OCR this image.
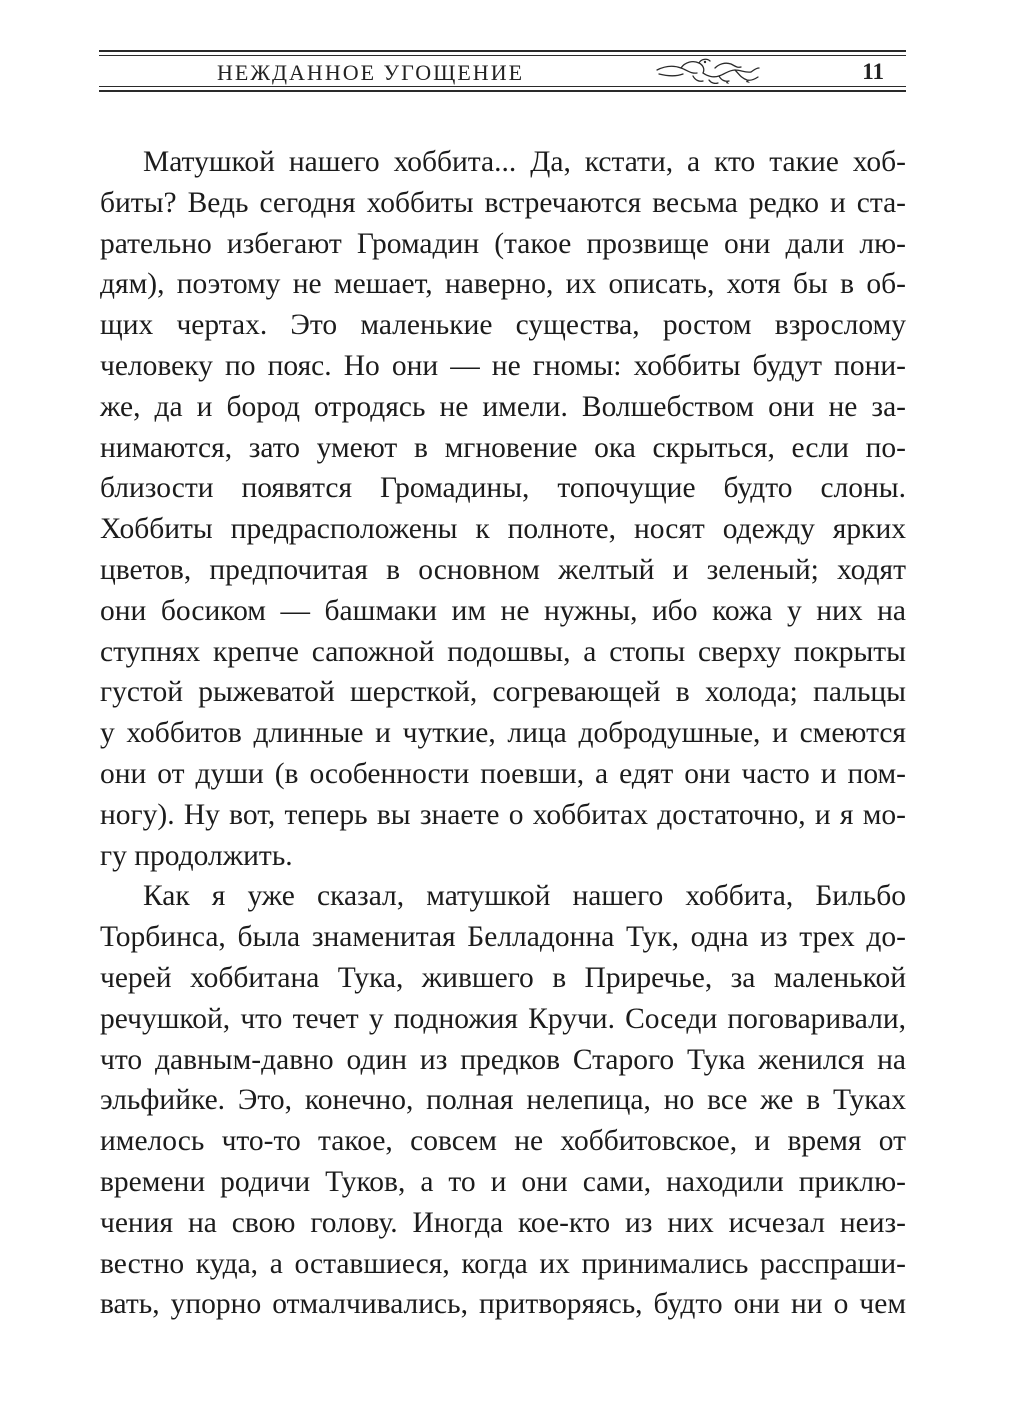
НЕЖДАННОЕ УГОЩЕНИЕ	11
Матушкой нашего хоббита... Да, кстати, а кто такие хоб-
биты? Ведь сегодня хоббиты встречаются весьма редко и ста-
рательно избегают Громадин (такое прозвище они дали лю-
дям), поэтому не мешает, наверно, их описать, хотя бы в об-
щих чертах. Это маленькие существа, ростом взрослому
человеку по пояс. Но они — не гномы: хоббиты будут пони-
же, да и бород отродясь не имели. Волшебством они не за-
нимаются, зато умеют в мгновение ока скрыться, если по-
близости появятся Громадины, топочущие будто слоны.
Хоббиты предрасположены к полноте, носят одежду ярких
цветов, предпочитая в основном желтый и зеленый; ходят
они босиком — башмаки им не нужны, ибо кожа у них на
ступнях крепче сапожной подошвы, а стопы сверху покрыты
густой рыжеватой шерсткой, согревающей в холода; пальцы
у хоббитов длинные и чуткие, лица добродушные, и смеются
они от души (в особенности поевши, а едят они часто и пом-
ногу). Ну вот, теперь вы знаете о хоббитах достаточно, и я мо-
гу продолжить.
Как я уже сказал, матушкой нашего хоббита, Бильбо
Торбинса, была знаменитая Белладонна Тук, одна из трех до-
черей хоббитана Тука, жившего в Приречье, за маленькой
речушкой, что течет у подножия Кручи. Соседи поговаривали,
что давным-давно один из предков Старого Тука женился на
эльфийке. Это, конечно, полная нелепица, но все же в Туках
имелось что-то такое, совсем не хоббитовское, и время от
времени родичи Туков, а то и они сами, находили приклю-
чения на свою голову. Иногда кое-кто из них исчезал неиз-
вестно куда, а оставшиеся, когда их принимались расспраши-
вать, упорно отмалчивались, притворяясь, будто они ни о чем
